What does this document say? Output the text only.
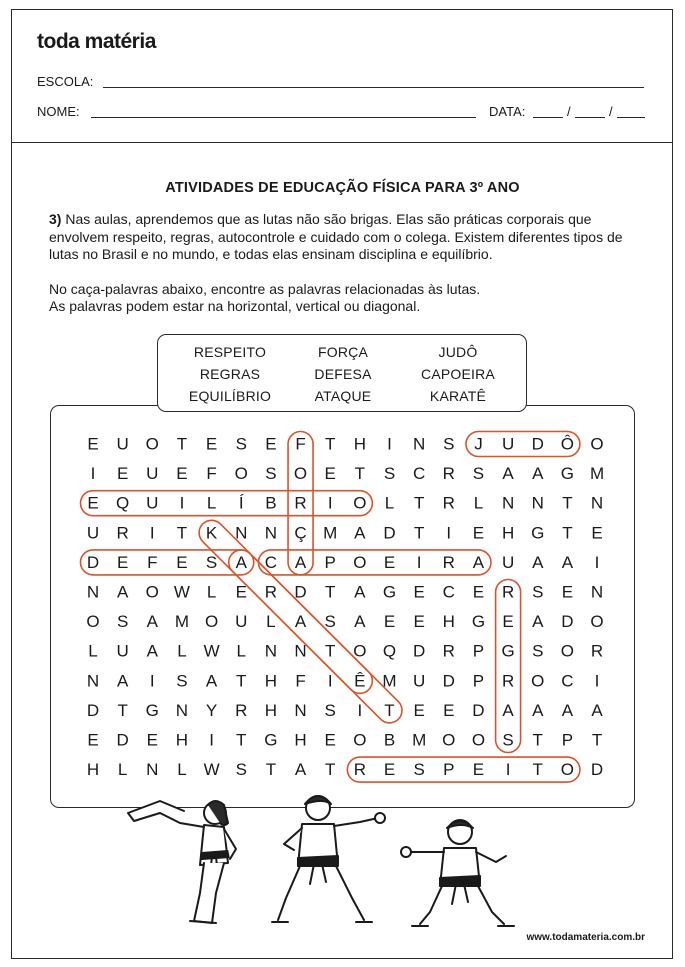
toda matéria
ESCOLA:
NOME:	DATA:	/	/
ATIVIDADES DE EDUCAÇÃO FÍSICA PARA 3º ANO

3) Nas aulas, aprendemos que as lutas não são brigas. Elas são práticas corporais que envolvem respeito, regras, autocontrole e cuidado com o colega. Existem diferentes tipos de lutas no Brasil e no mundo, e todas elas ensinam disciplina e equilíbrio.

No caça-palavras abaixo, encontre as palavras relacionadas às lutas.

As palavras podem estar na horizontal, vertical ou diagonal.

RESPEITO	FORÇA	JUDÔ
REGRAS	DEFESA	CAPOEIRA
EQUILÍBRIO	ATAQUE	KARATÊ
E U O T E S E F T H I N S J U D Ô O
I E U E F O S O E T S C R S A A G M
E Q U I L Í B R I O L T R L N N T N
U R I T K N N Ç M A D T I E H G T E
D E F E S A C A P O E I R A U A A I
N A O W L E R D T A G E C E R S E N
O S A M O U L A S A E E H G E A D O
L U A L W L N N T O Q D R P G S O R
N A I S A T H F I Ê M U D P R O C I
D T G N Y R H N S I T E E D A A A A
E D E H I T G H E O B M O O S T P T
H L N L W S T A T R E S P E I T O D
www.todamateria.com.br
